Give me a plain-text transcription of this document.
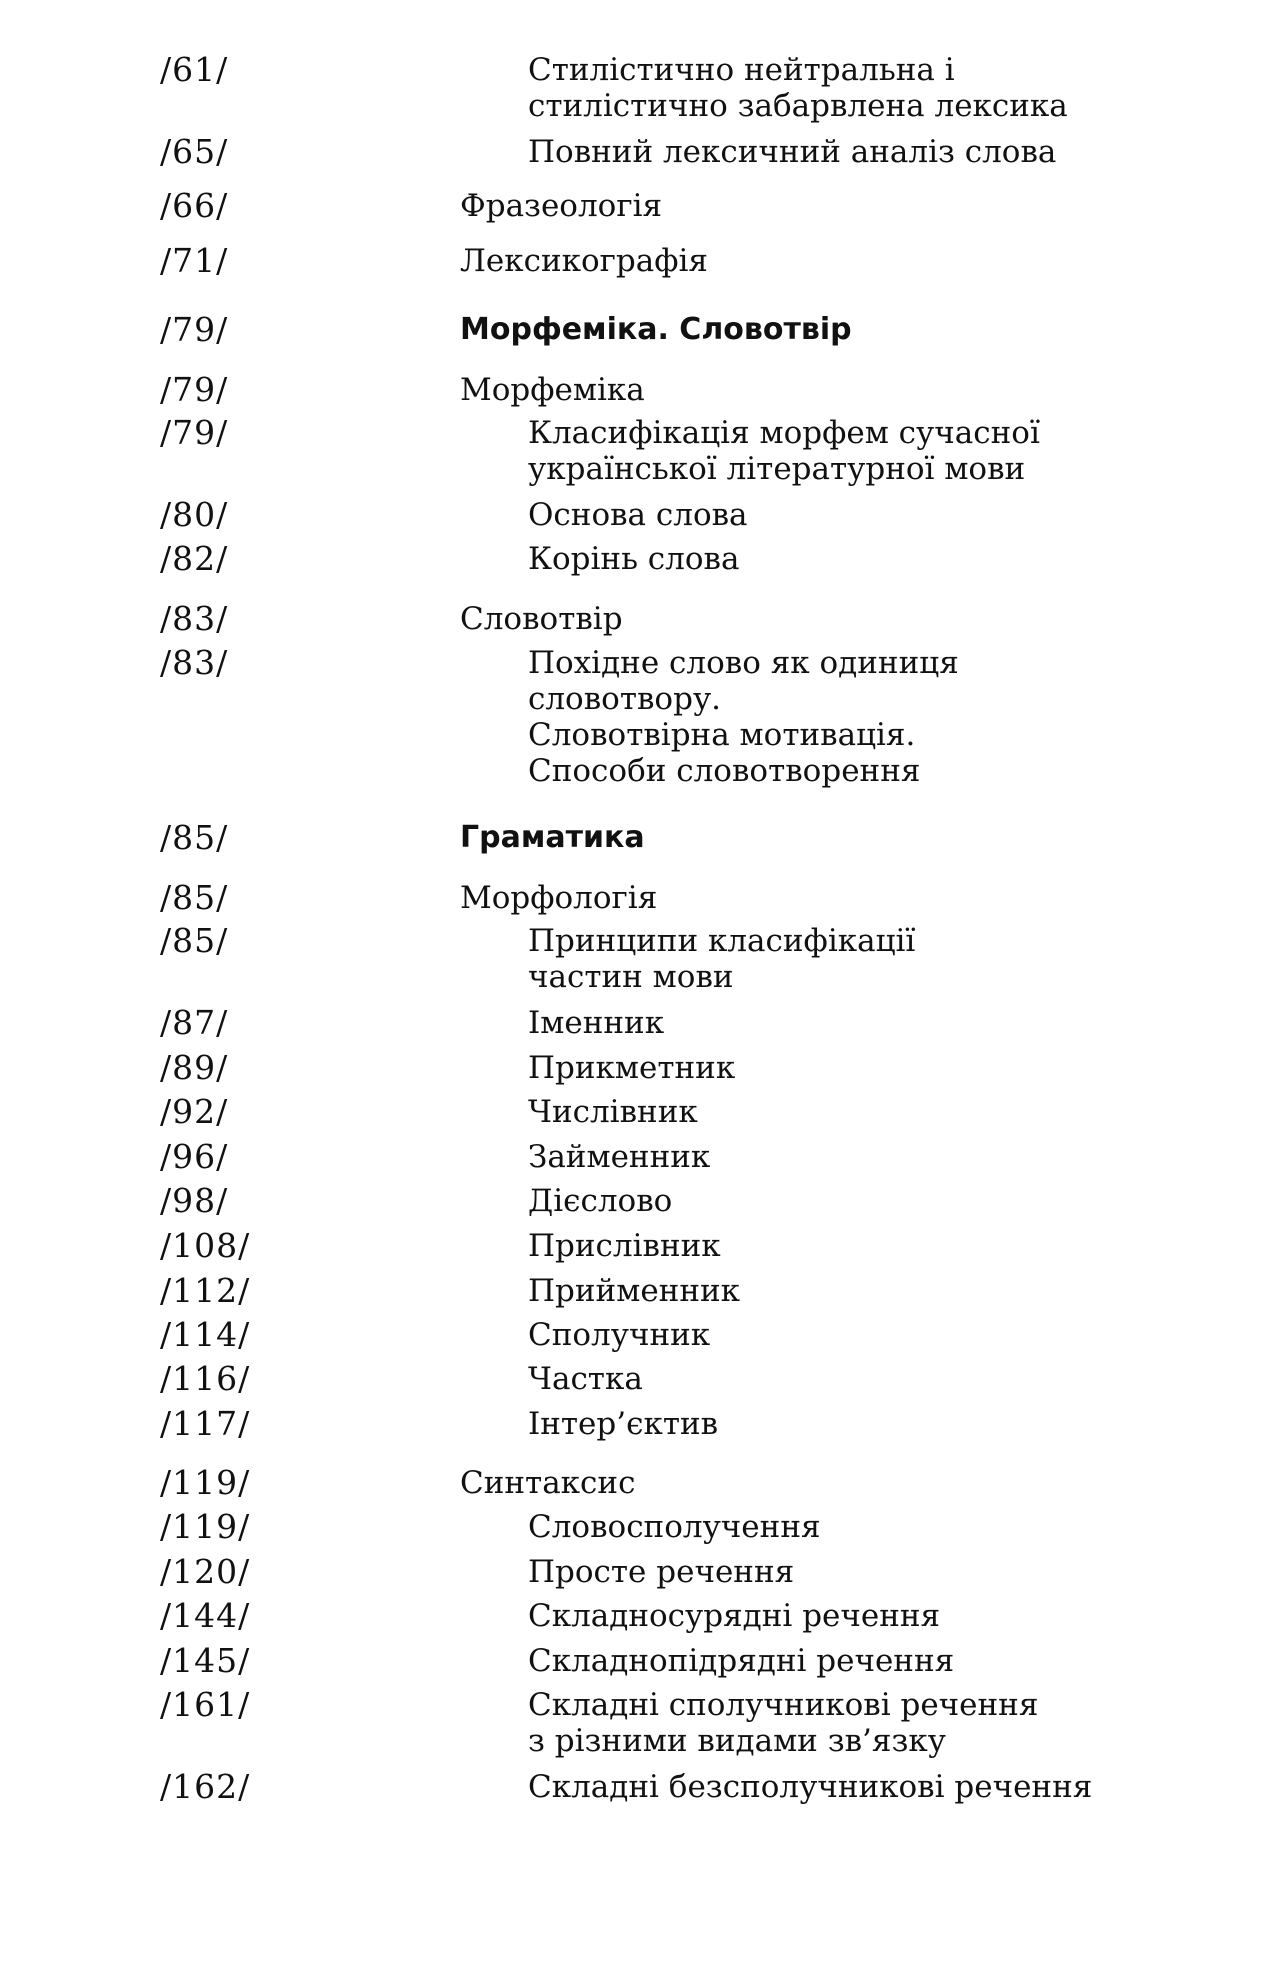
/61/	Стилістично нейтральна і
стилістично забарвлена лексика
/65/	Повний лексичний аналіз слова
/66/	Фразеологія
/71/	Лексикографія
/79/	Морфеміка. Словотвір
/79/	Морфеміка
/79/	Класифікація морфем сучасної
української літературної мови
/80/	Основа слова
/82/	Корінь слова
/83/	Словотвір
/83/	Похідне слово як одиниця
словотвору.
Словотвірна мотивація.
Способи словотворення
/85/	Граматика
/85/	Морфологія
/85/	Принципи класифікації
частин мови
/87/	Іменник
/89/	Прикметник
/92/	Числівник
/96/	Займенник
/98/	Дієслово
/108/	Прислівник
/112/	Прийменник
/114/	Сполучник
/116/	Частка
/117/	Інтер’єктив
/119/	Синтаксис
/119/	Словосполучення
/120/	Просте речення
/144/	Складносурядні речення
/145/	Складнопідрядні речення
/161/	Складні сполучникові речення
з різними видами зв’язку
/162/	Складні безсполучникові речення
